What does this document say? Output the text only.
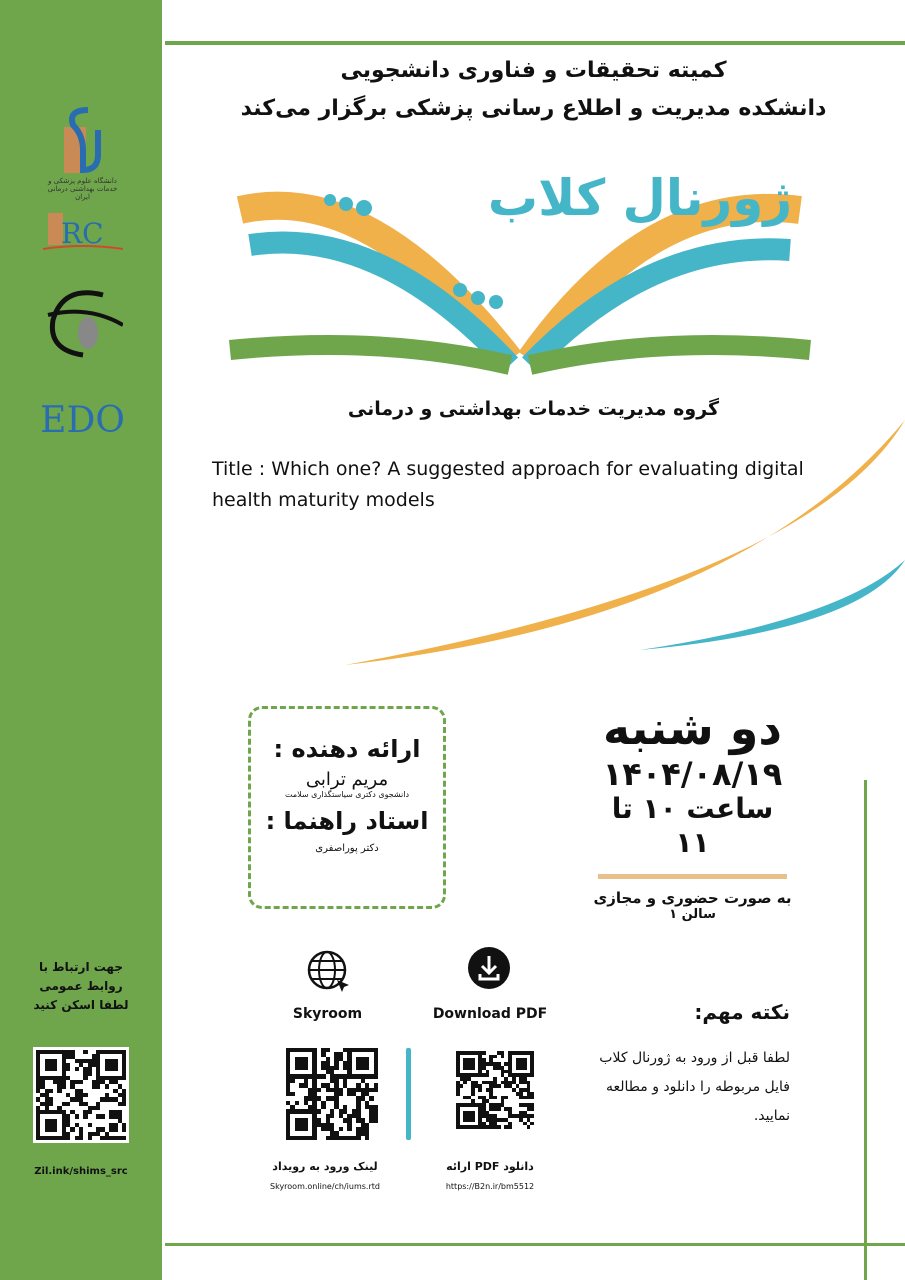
دانشگاه علوم پزشکی و خدمات بهداشتی درمانی ایران
RC
EDO
جهت ارتباط با
روابط عمومی
لطفا اسکن کنید
Zil.ink/shims_src
کمیته تحقیقات و فناوری دانشجویی
دانشکده مدیریت و اطلاع رسانی پزشکی برگزار می‌کند
ژورنال کلاب
گروه مدیریت خدمات بهداشتی و درمانی
Title : Which one? A suggested approach for evaluating digital health maturity models
ارائه دهنده :
مریم ترابی
دانشجوی دکتری سیاستگذاری سلامت
استاد راهنما :
دکتر پوراصفری
دو شنبه
۱۴۰۴/۰۸/۱۹
ساعت ۱۰ تا ۱۱
به صورت حضوری و مجازی
سالن ۱
Skyroom	Download PDF
لینک ورود به رویداد
Skyroom.online/ch/iums.rtd
دانلود PDF ارائه
https://B2n.ir/bm5512
نکته مهم:
لطفا قبل از ورود به ژورنال کلاب فایل مربوطه را دانلود و مطالعه نمایید.
